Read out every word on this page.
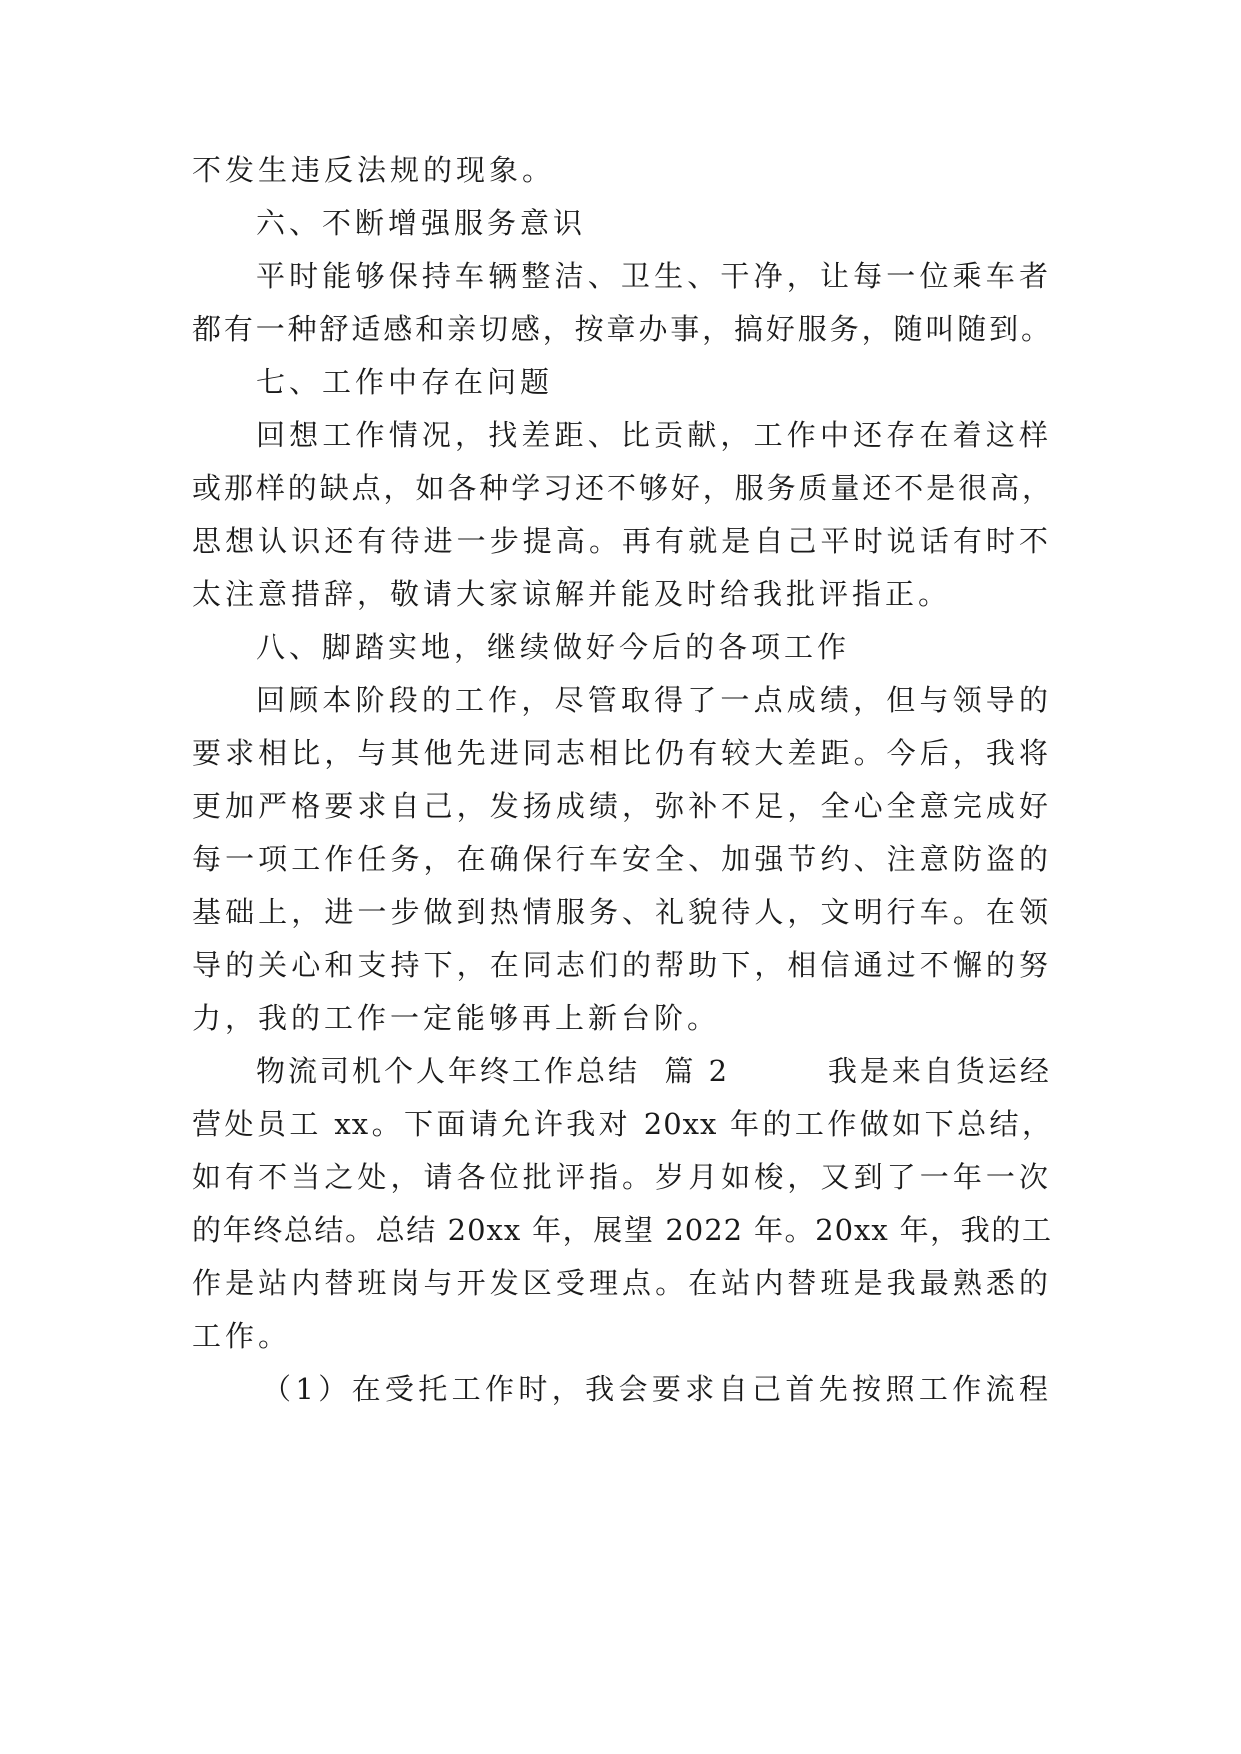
不发生违反法规的现象。
六、不断增强服务意识
平时能够保持车辆整洁、卫生、干净，让每一位乘车者
都有一种舒适感和亲切感，按章办事，搞好服务，随叫随到。
七、工作中存在问题
回想工作情况，找差距、比贡献，工作中还存在着这样
或那样的缺点，如各种学习还不够好，服务质量还不是很高，
思想认识还有待进一步提高。再有就是自己平时说话有时不
太注意措辞，敬请大家谅解并能及时给我批评指正。
八、脚踏实地，继续做好今后的各项工作
回顾本阶段的工作，尽管取得了一点成绩，但与领导的
要求相比，与其他先进同志相比仍有较大差距。今后，我将
更加严格要求自己，发扬成绩，弥补不足，全心全意完成好
每一项工作任务，在确保行车安全、加强节约、注意防盗的
基础上，进一步做到热情服务、礼貌待人，文明行车。在领
导的关心和支持下，在同志们的帮助下，相信通过不懈的努
力，我的工作一定能够再上新台阶。
物流司机个人年终工作总结  篇 2        我是来自货运经
营处员工 xx。下面请允许我对 20xx 年的工作做如下总结，
如有不当之处，请各位批评指。岁月如梭，又到了一年一次
的年终总结。总结 20xx 年，展望 2022 年。20xx 年，我的工
作是站内替班岗与开发区受理点。在站内替班是我最熟悉的
工作。
（1）在受托工作时，我会要求自己首先按照工作流程
